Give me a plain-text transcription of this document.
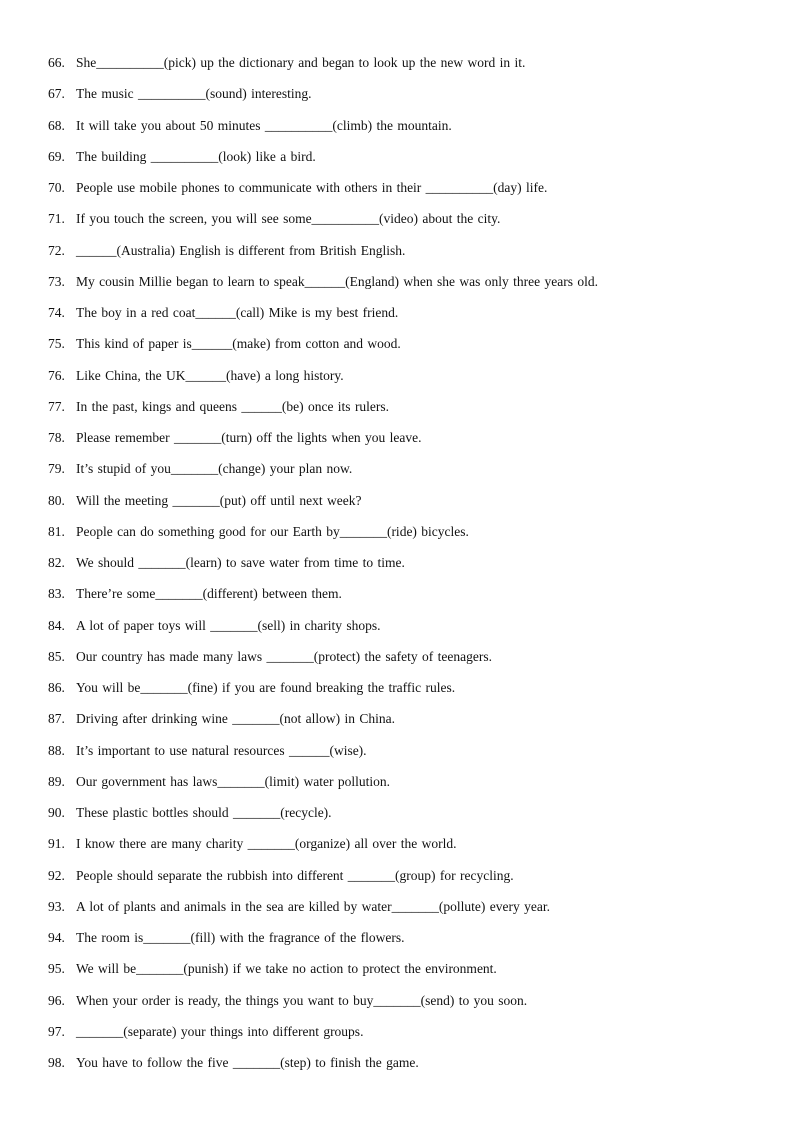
66. She__________(pick) up the dictionary and began to look up the new word in it.
67. The music __________(sound) interesting.
68. It will take you about 50 minutes __________(climb) the mountain.
69. The building __________(look) like a bird.
70. People use mobile phones to communicate with others in their __________(day) life.
71. If you touch the screen, you will see some__________(video) about the city.
72. ______(Australia) English is different from British English.
73. My cousin Millie began to learn to speak______(England) when she was only three years old.
74. The boy in a red coat______(call) Mike is my best friend.
75. This kind of paper is______(make) from cotton and wood.
76. Like China, the UK______(have) a long history.
77. In the past, kings and queens ______(be) once its rulers.
78. Please remember _______(turn) off the lights when you leave.
79. It’s stupid of you_______(change) your plan now.
80. Will the meeting _______(put) off until next week?
81. People can do something good for our Earth by_______(ride) bicycles.
82. We should _______(learn) to save water from time to time.
83. There’re some_______(different) between them.
84. A lot of paper toys will _______(sell) in charity shops.
85. Our country has made many laws _______(protect) the safety of teenagers.
86. You will be_______(fine) if you are found breaking the traffic rules.
87. Driving after drinking wine _______(not allow) in China.
88. It’s important to use natural resources ______(wise).
89. Our government has laws_______(limit) water pollution.
90. These plastic bottles should _______(recycle).
91. I know there are many charity _______(organize) all over the world.
92. People should separate the rubbish into different _______(group) for recycling.
93. A lot of plants and animals in the sea are killed by water_______(pollute) every year.
94. The room is_______(fill) with the fragrance of the flowers.
95. We will be_______(punish) if we take no action to protect the environment.
96. When your order is ready, the things you want to buy_______(send) to you soon.
97. _______(separate) your things into different groups.
98. You have to follow the five _______(step) to finish the game.
